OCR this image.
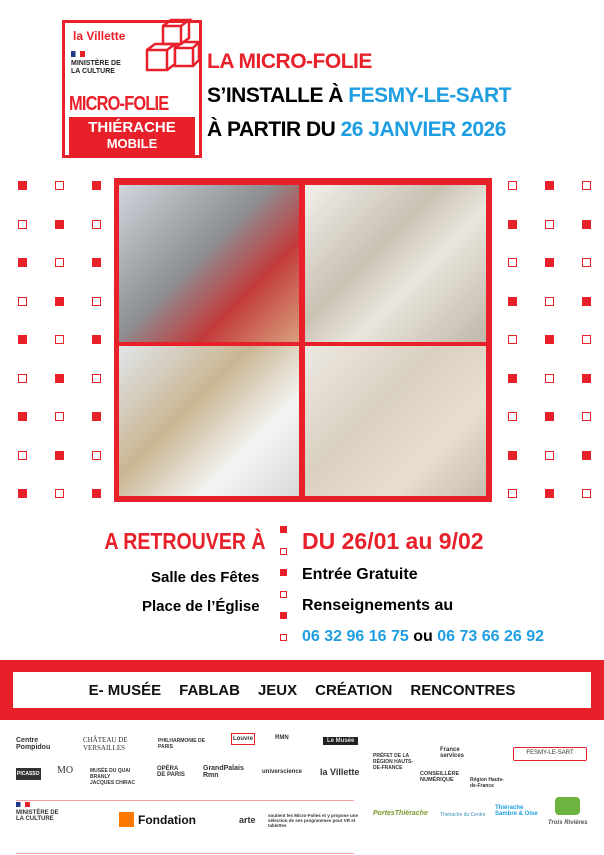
la Villette
MINISTÈRE DE LA CULTURE
MICRO-FOLIE
THIÉRACHE
MOBILE
LA MICRO-FOLIE
S’INSTALLE À FESMY-LE-SART
À PARTIR DU 26 JANVIER 2026
A RETROUVER À
Salle des Fêtes
Place de l’Église
DU 26/01 au 9/02
Entrée Gratuite
Renseignements au
06 32 96 16 75 ou 06 73 66 26 92
E- MUSÉE FABLAB JEUX CRÉATION RENCONTRES
Centre Pompidou
CHÂTEAU DE VERSAILLES
PHILHARMONIE DE PARIS
Louvre	RMN	Le Musée
PICASSO MO	MUSÉE DU QUAI BRANLY JACQUES CHIRAC
OPÉRA DE PARIS
GrandPalais Rmn	universcience la Villette
MINISTÈRE DE LA CULTURE	Fondation	arte	soutient les Micro-Folies et y propose une sélection de ses programmes pour VR et tablettes
PRÉFET DE LA RÉGION HAUTS-DE-FRANCE
France services
CONSEILLÈRE NUMÉRIQUE	Région Hauts-de-France
FESMY-LE-SART
PortesThiérache Thiérache du Centre
Thiérache Sambre & Oise
Trois Rivières
